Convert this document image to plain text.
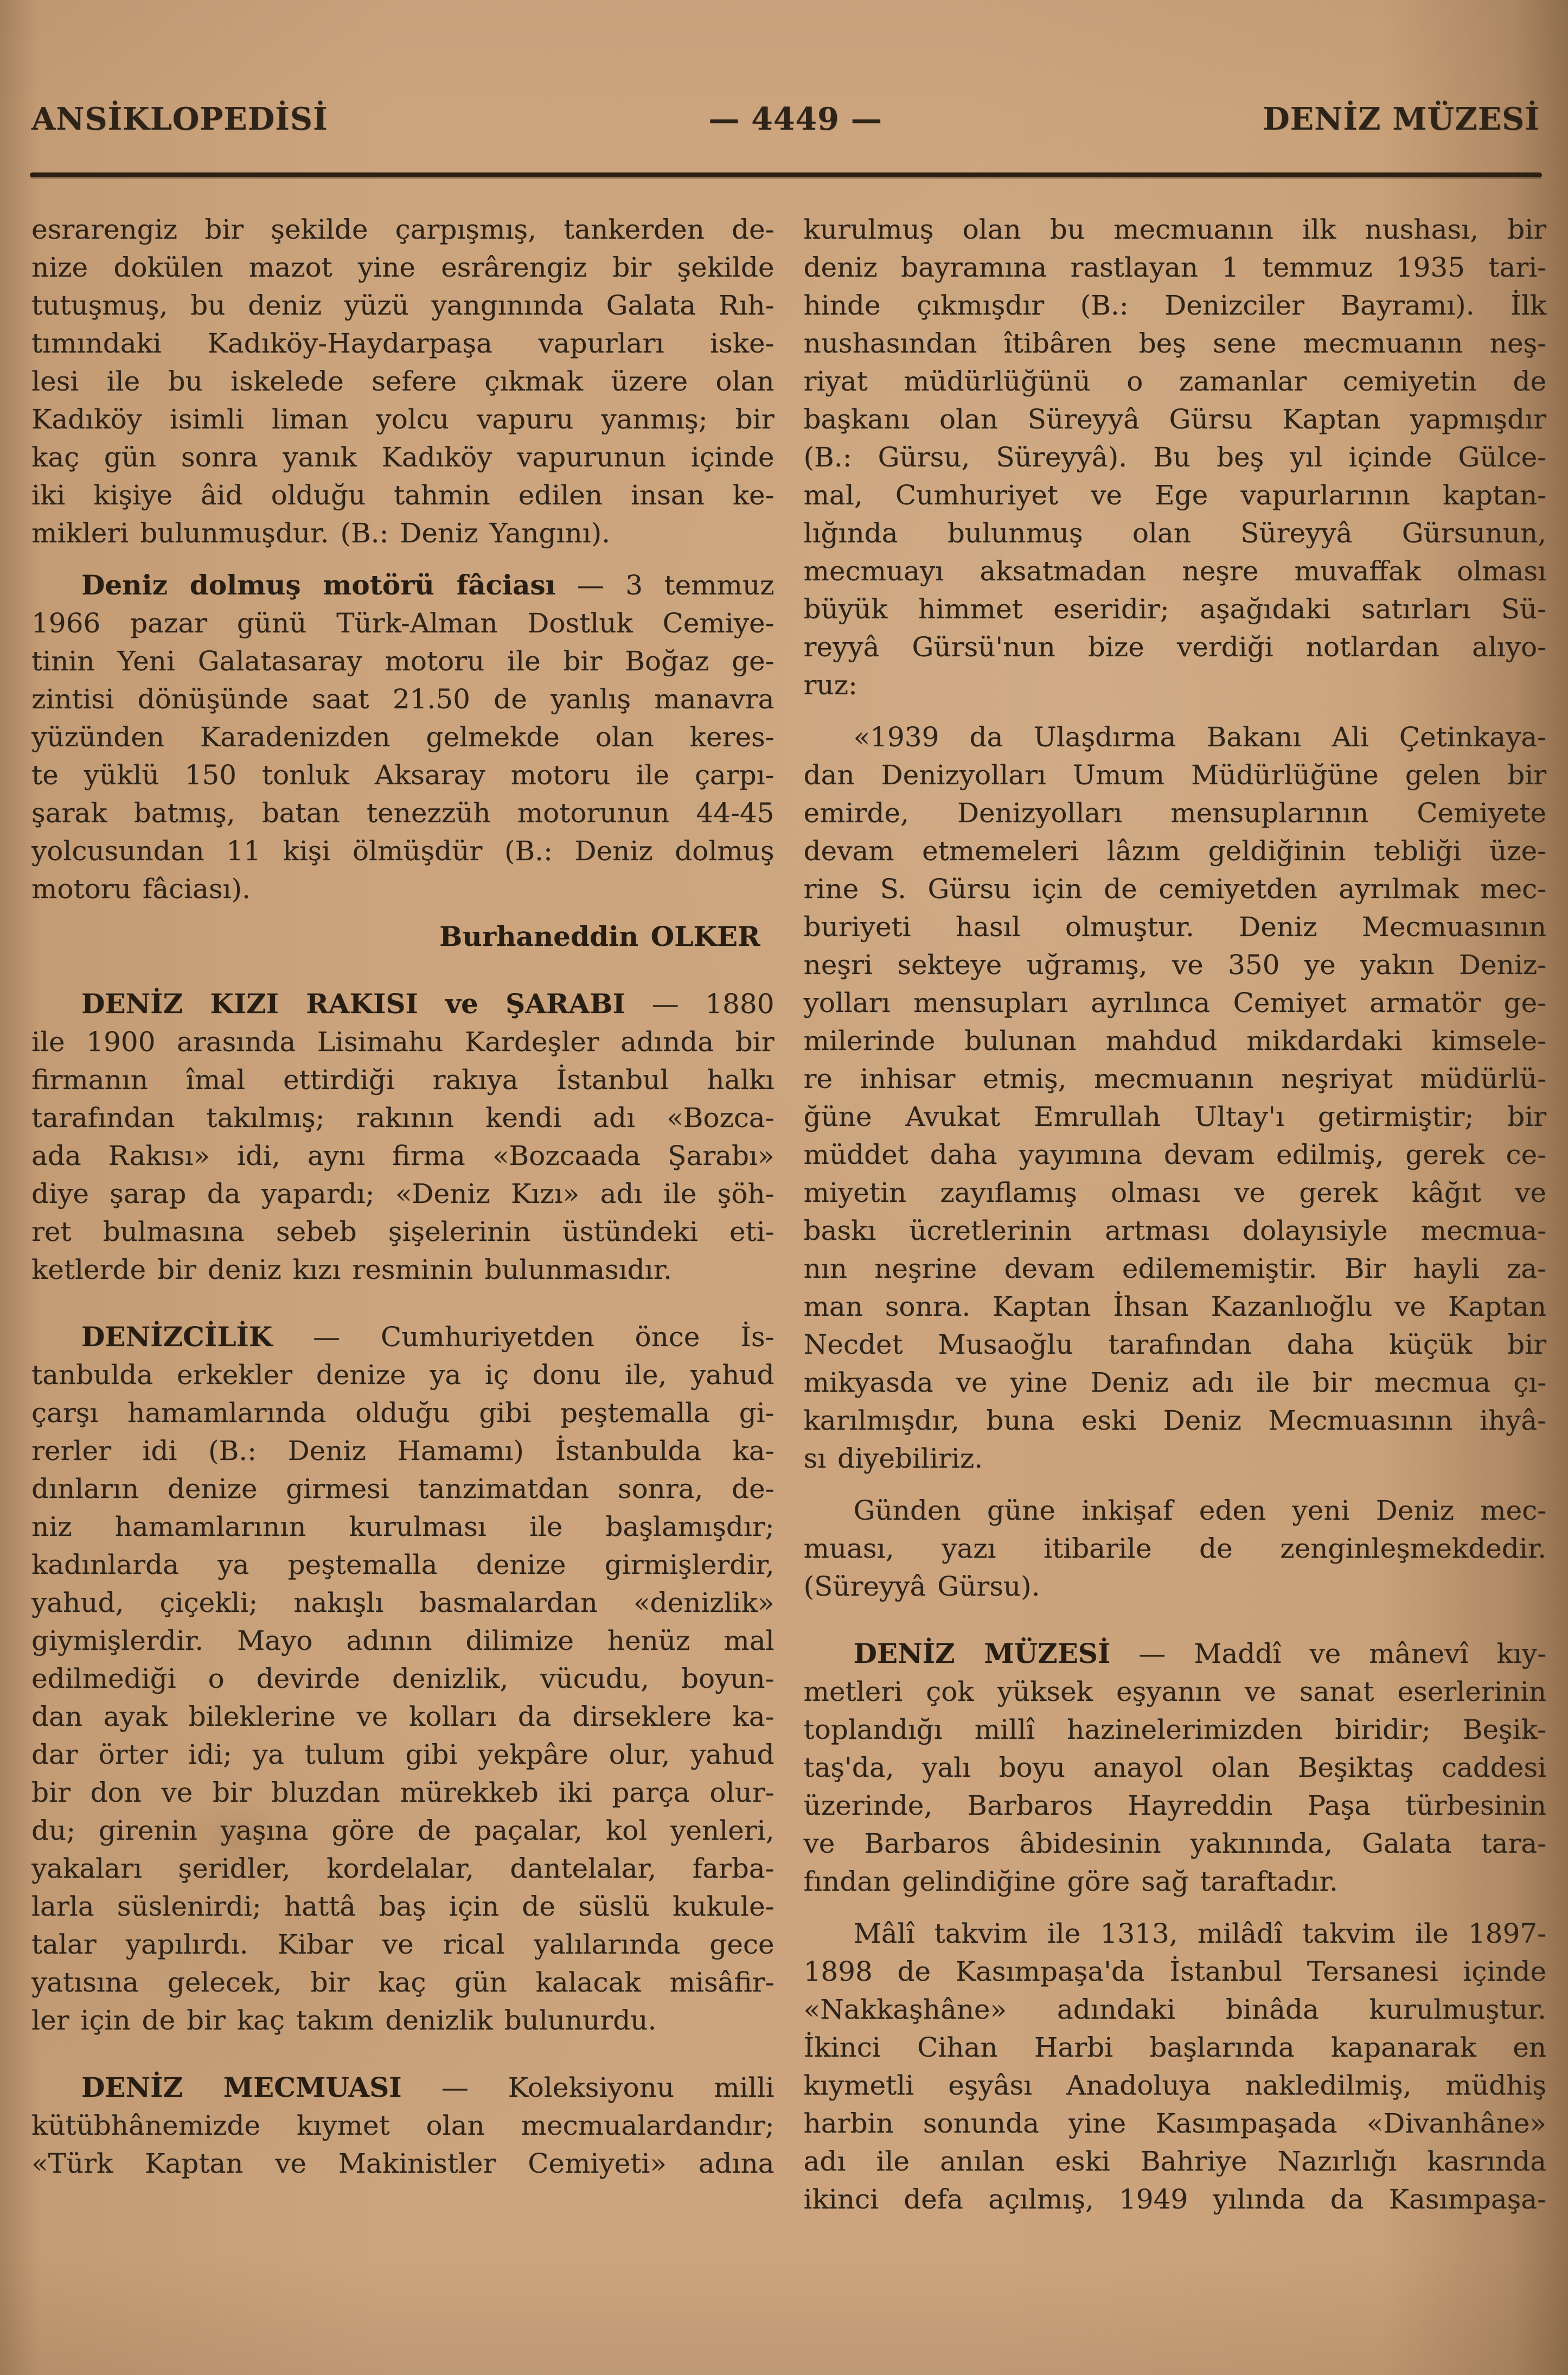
ANSİKLOPEDİSİ	— 4449 —	DENİZ MÜZESİ
esrarengiz bir şekilde çarpışmış, tankerden de-
nize dokülen mazot yine esrârengiz bir şekilde
tutuşmuş, bu deniz yüzü yangınında Galata Rıh-
tımındaki Kadıköy-Haydarpaşa vapurları iske-
lesi ile bu iskelede sefere çıkmak üzere olan
Kadıköy isimli liman yolcu vapuru yanmış; bir
kaç gün sonra yanık Kadıköy vapurunun içinde
iki kişiye âid olduğu tahmin edilen insan ke-
mikleri bulunmuşdur. (B.: Deniz Yangını).
Deniz dolmuş motörü fâciası — 3 temmuz
1966 pazar günü Türk-Alman Dostluk Cemiye-
tinin Yeni Galatasaray motoru ile bir Boğaz ge-
zintisi dönüşünde saat 21.50 de yanlış manavra
yüzünden Karadenizden gelmekde olan keres-
te yüklü 150 tonluk Aksaray motoru ile çarpı-
şarak batmış, batan tenezzüh motorunun 44-45
yolcusundan 11 kişi ölmüşdür (B.: Deniz dolmuş
motoru fâciası).
Burhaneddin OLKER
DENİZ KIZI RAKISI ve ŞARABI — 1880
ile 1900 arasında Lisimahu Kardeşler adında bir
firmanın îmal ettirdiği rakıya İstanbul halkı
tarafından takılmış; rakının kendi adı «Bozca-
ada Rakısı» idi, aynı firma «Bozcaada Şarabı»
diye şarap da yapardı; «Deniz Kızı» adı ile şöh-
ret bulmasına sebeb şişelerinin üstündeki eti-
ketlerde bir deniz kızı resminin bulunmasıdır.
DENİZCİLİK — Cumhuriyetden önce İs-
tanbulda erkekler denize ya iç donu ile, yahud
çarşı hamamlarında olduğu gibi peştemalla gi-
rerler idi (B.: Deniz Hamamı) İstanbulda ka-
dınların denize girmesi tanzimatdan sonra, de-
niz hamamlarının kurulması ile başlamışdır;
kadınlarda ya peştemalla denize girmişlerdir,
yahud, çiçekli; nakışlı basmalardan «denizlik»
giymişlerdir. Mayo adının dilimize henüz mal
edilmediği o devirde denizlik, vücudu, boyun-
dan ayak bileklerine ve kolları da dirseklere ka-
dar örter idi; ya tulum gibi yekpâre olur, yahud
bir don ve bir bluzdan mürekkeb iki parça olur-
du; girenin yaşına göre de paçalar, kol yenleri,
yakaları şeridler, kordelalar, dantelalar, farba-
larla süslenirdi; hattâ baş için de süslü kukule-
talar yapılırdı. Kibar ve rical yalılarında gece
yatısına gelecek, bir kaç gün kalacak misâfir-
ler için de bir kaç takım denizlik bulunurdu.
DENİZ MECMUASI — Koleksiyonu milli
kütübhânemizde kıymet olan mecmualardandır;
«Türk Kaptan ve Makinistler Cemiyeti» adına
kurulmuş olan bu mecmuanın ilk nushası, bir
deniz bayramına rastlayan 1 temmuz 1935 tari-
hinde çıkmışdır (B.: Denizciler Bayramı). İlk
nushasından îtibâren beş sene mecmuanın neş-
riyat müdürlüğünü o zamanlar cemiyetin de
başkanı olan Süreyyâ Gürsu Kaptan yapmışdır
(B.: Gürsu, Süreyyâ). Bu beş yıl içinde Gülce-
mal, Cumhuriyet ve Ege vapurlarının kaptan-
lığında bulunmuş olan Süreyyâ Gürsunun,
mecmuayı aksatmadan neşre muvaffak olması
büyük himmet eseridir; aşağıdaki satırları Sü-
reyyâ Gürsü'nun bize verdiği notlardan alıyo-
ruz:
«1939 da Ulaşdırma Bakanı Ali Çetinkaya-
dan Denizyolları Umum Müdürlüğüne gelen bir
emirde, Denizyolları mensuplarının Cemiyete
devam etmemeleri lâzım geldiğinin tebliği üze-
rine S. Gürsu için de cemiyetden ayrılmak mec-
buriyeti hasıl olmuştur. Deniz Mecmuasının
neşri sekteye uğramış, ve 350 ye yakın Deniz-
yolları mensupları ayrılınca Cemiyet armatör ge-
milerinde bulunan mahdud mikdardaki kimsele-
re inhisar etmiş, mecmuanın neşriyat müdürlü-
ğüne Avukat Emrullah Ultay'ı getirmiştir; bir
müddet daha yayımına devam edilmiş, gerek ce-
miyetin zayıflamış olması ve gerek kâğıt ve
baskı ücretlerinin artması dolayısiyle mecmua-
nın neşrine devam edilememiştir. Bir hayli za-
man sonra. Kaptan İhsan Kazanlıoğlu ve Kaptan
Necdet Musaoğlu tarafından daha küçük bir
mikyasda ve yine Deniz adı ile bir mecmua çı-
karılmışdır, buna eski Deniz Mecmuasının ihyâ-
sı diyebiliriz.
Günden güne inkişaf eden yeni Deniz mec-
muası, yazı itibarile de zenginleşmekdedir.
(Süreyyâ Gürsu).
DENİZ MÜZESİ — Maddî ve mânevî kıy-
metleri çok yüksek eşyanın ve sanat eserlerinin
toplandığı millî hazinelerimizden biridir; Beşik-
taş'da, yalı boyu anayol olan Beşiktaş caddesi
üzerinde, Barbaros Hayreddin Paşa türbesinin
ve Barbaros âbidesinin yakınında, Galata tara-
fından gelindiğine göre sağ taraftadır.
Mâlî takvim ile 1313, milâdî takvim ile 1897-
1898 de Kasımpaşa'da İstanbul Tersanesi içinde
«Nakkaşhâne» adındaki binâda kurulmuştur.
İkinci Cihan Harbi başlarında kapanarak en
kıymetli eşyâsı Anadoluya nakledilmiş, müdhiş
harbin sonunda yine Kasımpaşada «Divanhâne»
adı ile anılan eski Bahriye Nazırlığı kasrında
ikinci defa açılmış, 1949 yılında da Kasımpaşa-
